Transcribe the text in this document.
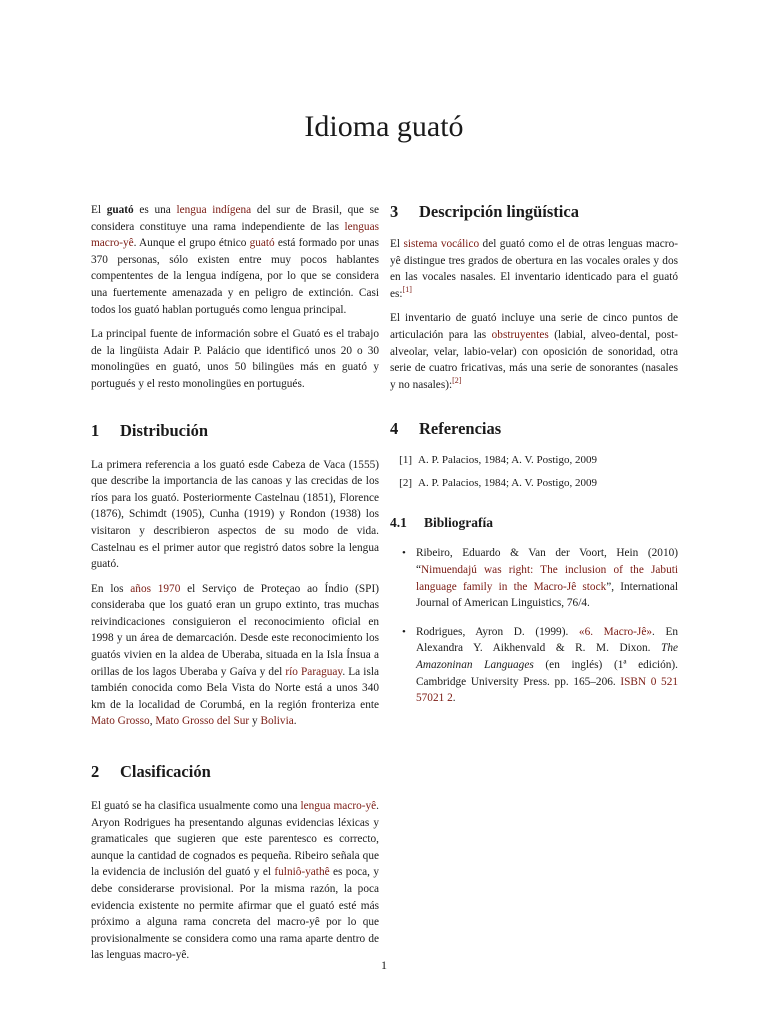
Idioma guató

El guató es una lengua indígena del sur de Brasil, que se considera constituye una rama independiente de las lenguas macro-yê. Aunque el grupo étnico guató está formado por unas 370 personas, sólo existen entre muy pocos hablantes compententes de la lengua indígena, por lo que se considera una fuertemente amenazada y en peligro de extinción. Casi todos los guató hablan portugués como lengua principal.

La principal fuente de información sobre el Guató es el trabajo de la lingüista Adair P. Palácio que identificó unos 20 o 30 monolingües en guató, unos 50 bilingües más en guató y portugués y el resto monolingües en portugués.

1	Distribución

La primera referencia a los guató esde Cabeza de Vaca (1555) que describe la importancia de las canoas y las crecidas de los ríos para los guató. Posteriormente Castelnau (1851), Florence (1876), Schimdt (1905), Cunha (1919) y Rondon (1938) los visitaron y describieron aspectos de su modo de vida. Castelnau es el primer autor que registró datos sobre la lengua guató.

En los años 1970 el Serviço de Proteçao ao Índio (SPI) consideraba que los guató eran un grupo extinto, tras muchas reivindicaciones consiguieron el reconocimiento oficial en 1998 y un área de demarcación. Desde este reconocimiento los guatós vivien en la aldea de Uberaba, situada en la Isla Ínsua a orillas de los lagos Uberaba y Gaíva y del río Paraguay. La isla también conocida como Bela Vista do Norte está a unos 340 km de la localidad de Corumbá, en la región fronteriza ente Mato Grosso, Mato Grosso del Sur y Bolivia.

2	Clasificación

El guató se ha clasifica usualmente como una lengua macro-yê. Aryon Rodrigues ha presentando algunas evidencias léxicas y gramaticales que sugieren que este parentesco es correcto, aunque la cantidad de cognados es pequeña. Ribeiro señala que la evidencia de inclusión del guató y el fulniô-yathê es poca, y debe considerarse provisional. Por la misma razón, la poca evidencia existente no permite afirmar que el guató esté más próximo a alguna rama concreta del macro-yê por lo que provisionalmente se considera como una rama aparte dentro de las lenguas macro-yê.

3	Descripción lingüística

El sistema vocálico del guató como el de otras lenguas macro-yê distingue tres grados de obertura en las vocales orales y dos en las vocales nasales. El inventario identicado para el guató es:[1]

El inventario de guató incluye una serie de cinco puntos de articulación para las obstruyentes (labial, alveo-dental, post-alveolar, velar, labio-velar) con oposición de sonoridad, otra serie de cuatro fricativas, más una serie de sonorantes (nasales y no nasales):[2]

4	Referencias
[1] A. P. Palacios, 1984; A. V. Postigo, 2009
[2] A. P. Palacios, 1984; A. V. Postigo, 2009
4.1	Bibliografía
• Ribeiro, Eduardo & Van der Voort, Hein (2010) “Nimuendajú was right: The inclusion of the Jabuti language family in the Macro-Jê stock”, International Journal of American Linguistics, 76/4.

• Rodrigues, Ayron D. (1999). «6. Macro-Jê». En Alexandra Y. Aikhenvald & R. M. Dixon. The Amazoninan Languages (en inglés) (1ª edición). Cambridge University Press. pp. 165–206. ISBN 0 521 57021 2.

1
